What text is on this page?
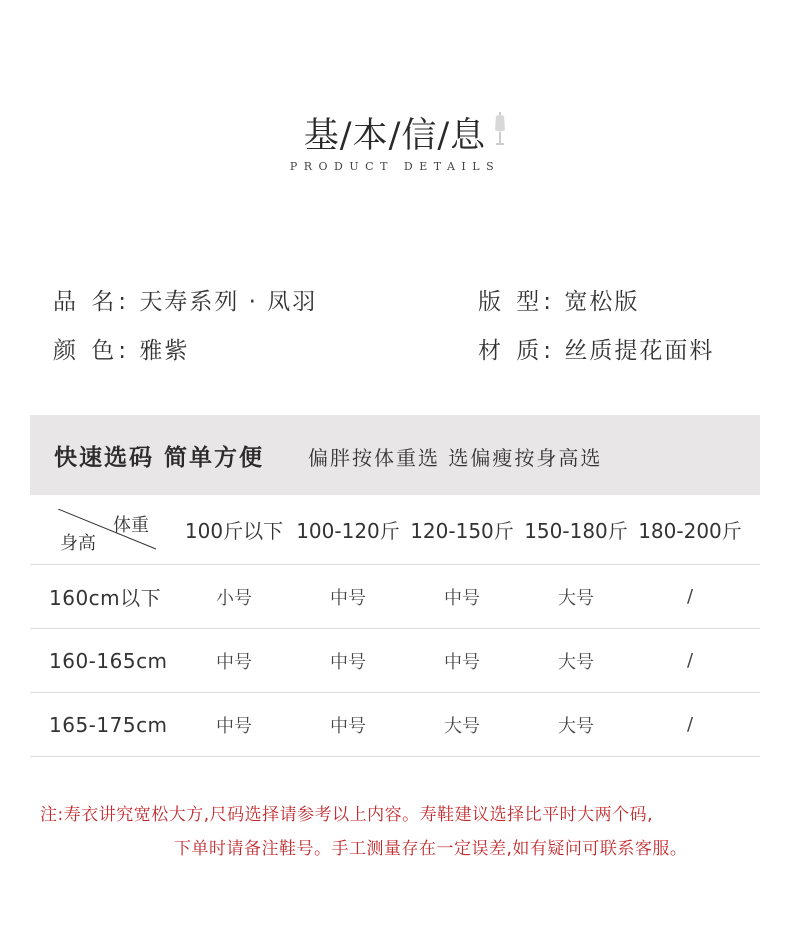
基/本/信/息
PRODUCT DETAILS
品 名: 天寿系列 · 凤羽	版 型: 宽松版
颜 色: 雅紫	材 质: 丝质提花面料
快速选码 简单方便 偏胖按体重选 选偏瘦按身高选
体重
身高
100斤以下 100-120斤 120-150斤 150-180斤 180-200斤
160cm以下	小号	中号	中号	大号	/
160-165cm	中号	中号	中号	大号	/
165-175cm	中号	中号	大号	大号	/
注:寿衣讲究宽松大方,尺码选择请参考以上内容。寿鞋建议选择比平时大两个码,
下单时请备注鞋号。手工测量存在一定误差,如有疑问可联系客服。
